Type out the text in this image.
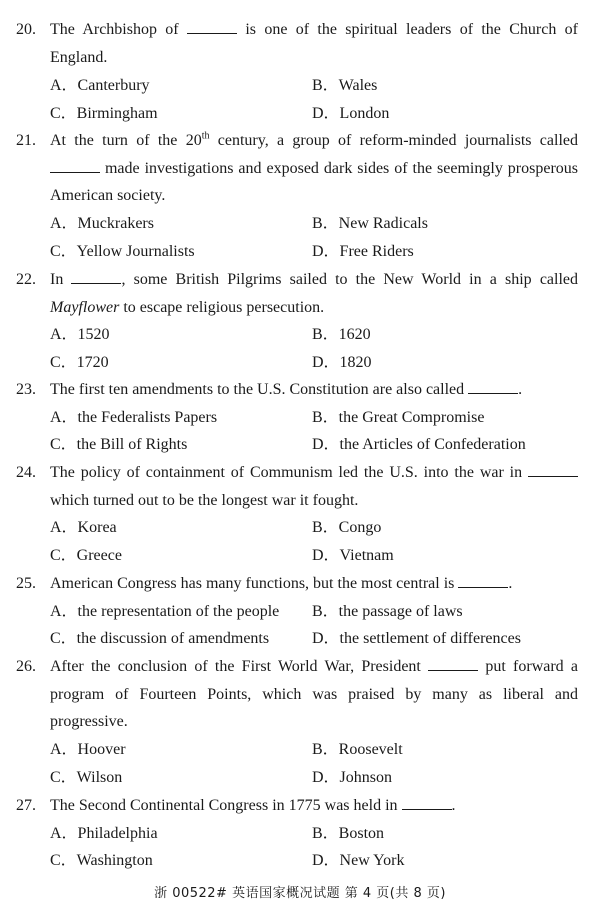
20. The Archbishop of	is one of the spiritual leaders of the Church of England.
A．Canterbury	B．Wales
C．Birmingham	D．London
21. At the turn of the 20th century, a group of reform-minded journalists called  made investigations and exposed dark sides of the seemingly prosperous American society.
A．Muckrakers	B．New Radicals
C．Yellow Journalists	D．Free Riders
22. In	, some British Pilgrims sailed to the New World in a ship called Mayflower to escape religious persecution.
A．1520	B．1620
C．1720	D．1820
23. The first ten amendments to the U.S. Constitution are also called	.
A．the Federalists Papers	B．the Great Compromise
C．the Bill of Rights	D．the Articles of Confederation
24. The policy of containment of Communism led the U.S. into the war in  which turned out to be the longest war it fought.
A．Korea	B．Congo
C．Greece	D．Vietnam
25. American Congress has many functions, but the most central is	.
A．the representation of the people B．the passage of laws
C．the discussion of amendments	D．the settlement of differences
26. After the conclusion of the First World War, President	put forward a program of Fourteen Points, which was praised by many as liberal and progressive.
A．Hoover	B．Roosevelt
C．Wilson	D．Johnson
27. The Second Continental Congress in 1775 was held in	.
A．Philadelphia	B．Boston
C．Washington	D．New York
浙 00522# 英语国家概况试题 第 4 页(共 8 页)
